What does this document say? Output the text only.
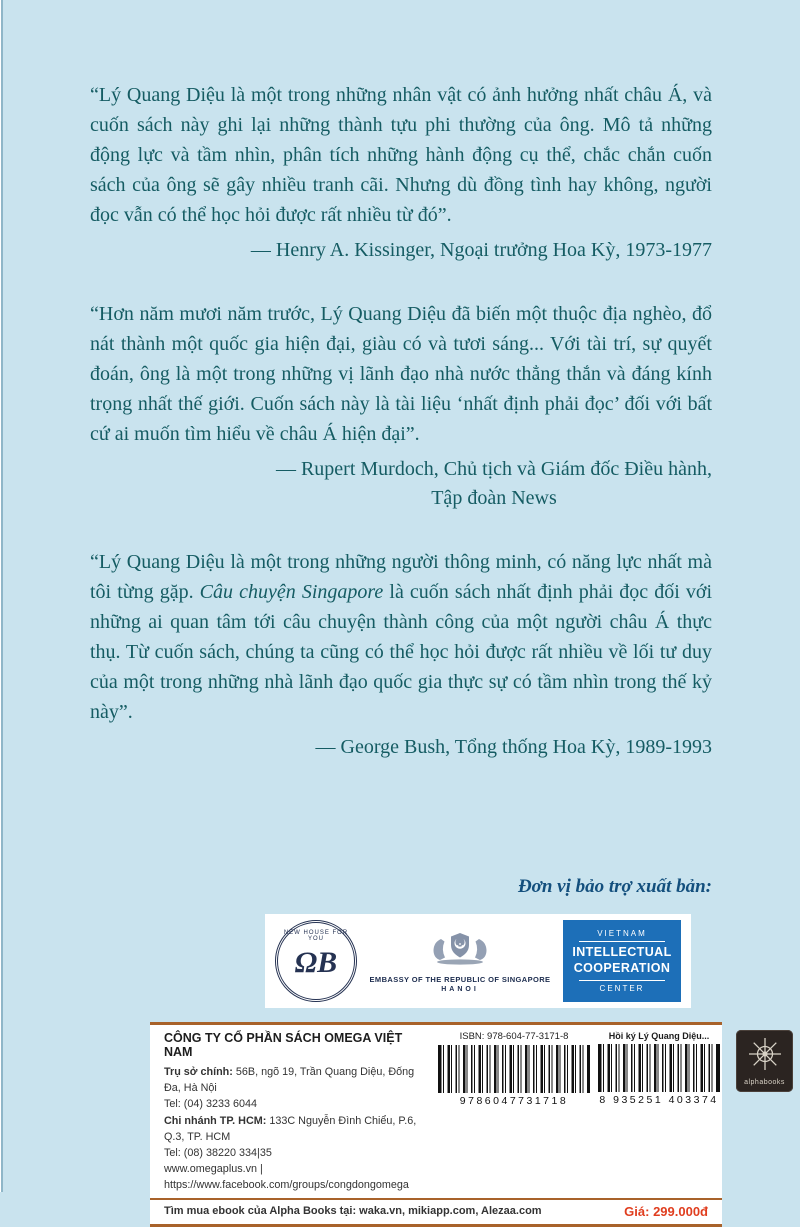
“Lý Quang Diệu là một trong những nhân vật có ảnh hưởng nhất châu Á, và cuốn sách này ghi lại những thành tựu phi thường của ông. Mô tả những động lực và tầm nhìn, phân tích những hành động cụ thể, chắc chắn cuốn sách của ông sẽ gây nhiều tranh cãi. Nhưng dù đồng tình hay không, người đọc vẫn có thể học hỏi được rất nhiều từ đó”.
— Henry A. Kissinger, Ngoại trưởng Hoa Kỳ, 1973-1977
“Hơn năm mươi năm trước, Lý Quang Diệu đã biến một thuộc địa nghèo, đổ nát thành một quốc gia hiện đại, giàu có và tươi sáng... Với tài trí, sự quyết đoán, ông là một trong những vị lãnh đạo nhà nước thẳng thắn và đáng kính trọng nhất thế giới. Cuốn sách này là tài liệu ‘nhất định phải đọc’ đối với bất cứ ai muốn tìm hiểu về châu Á hiện đại”.
— Rupert Murdoch, Chủ tịch và Giám đốc Điều hành,
Tập đoàn News
“Lý Quang Diệu là một trong những người thông minh, có năng lực nhất mà tôi từng gặp. Câu chuyện Singapore là cuốn sách nhất định phải đọc đối với những ai quan tâm tới câu chuyện thành công của một người châu Á thực thụ. Từ cuốn sách, chúng ta cũng có thể học hỏi được rất nhiều về lối tư duy của một trong những nhà lãnh đạo quốc gia thực sự có tầm nhìn trong thế kỷ này”.
— George Bush, Tổng thống Hoa Kỳ, 1989-1993
Đơn vị bảo trợ xuất bản:
NEW HOUSE FOR YOU
ΩB	EMBASSY OF THE REPUBLIC OF SINGAPORE
HANOI
VIETNAM
INTELLECTUAL
COOPERATION
CENTER
CÔNG TY CỔ PHẦN SÁCH OMEGA VIỆT NAM
Trụ sở chính: 56B, ngõ 19, Trần Quang Diệu, Đống Đa, Hà Nội
Tel: (04) 3233 6044
Chi nhánh TP. HCM: 133C Nguyễn Đình Chiểu, P.6, Q.3, TP. HCM
Tel: (08) 38220 334|35
www.omegaplus.vn | https://www.facebook.com/groups/congdongomega
ISBN: 978-604-77-3171-8
9786047731718
Hồi ký Lý Quang Diệu...
8 935251 403374
Tìm mua ebook của Alpha Books tại: waka.vn, mikiapp.com, Alezaa.com	Giá: 299.000đ
alphabooks
